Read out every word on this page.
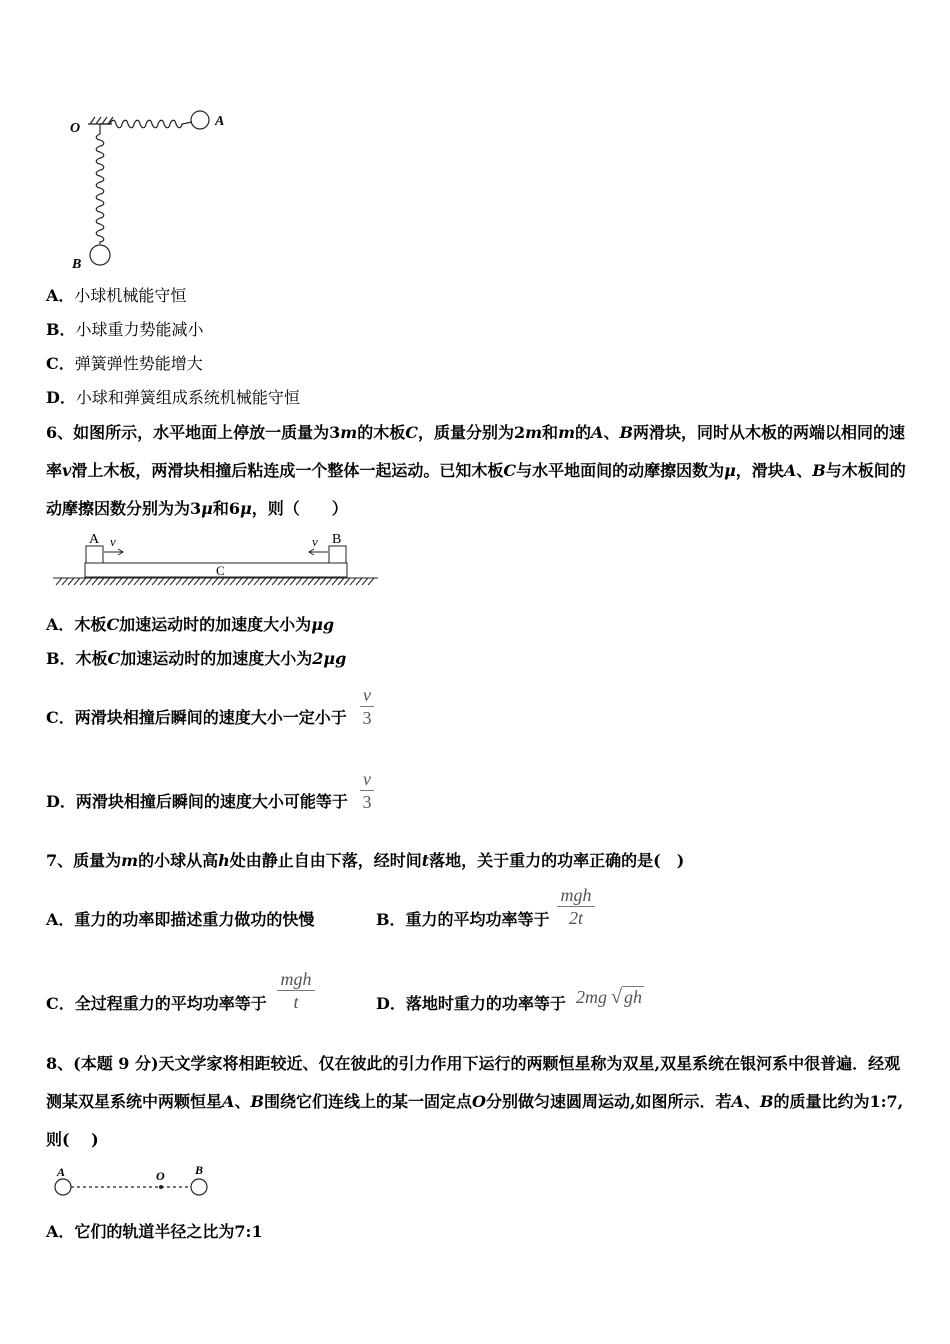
O	A
B
A．小球机械能守恒
B．小球重力势能减小
C．弹簧弹性势能增大
D．小球和弹簧组成系统机械能守恒
6、如图所示，水平地面上停放一质量为3m的木板C，质量分别为2m和m的A、B两滑块，同时从木板的两端以相同的速率v滑上木板，两滑块相撞后粘连成一个整体一起运动。已知木板C与水平地面间的动摩擦因数为μ，滑块A、B与木板间的动摩擦因数分别为为3μ和6μ，则（　　）
A v	v B
C
A．木板C加速运动时的加速度大小为μg
B．木板C加速运动时的加速度大小为2μg
C．两滑块相撞后瞬间的速度大小一定小于
v
3
D．两滑块相撞后瞬间的速度大小可能等于
v
3
7、质量为m的小球从高h处由静止自由下落，经时间t落地，关于重力的功率正确的是(　)
A．重力的功率即描述重力做功的快慢	B．重力的平均功率等于
mgh
2t
C．全过程重力的平均功率等于
mgh
t	D．落地时重力的功率等于 2mg √ gh
8、(本题 9 分)天文学家将相距较近、仅在彼此的引力作用下运行的两颗恒星称为双星,双星系统在银河系中很普遍．经观测某双星系统中两颗恒星A、B围绕它们连线上的某一固定点O分别做匀速圆周运动,如图所示．若A、B的质量比约为1:7, 则(　 )
A	O	B
A．它们的轨道半径之比为7:1
